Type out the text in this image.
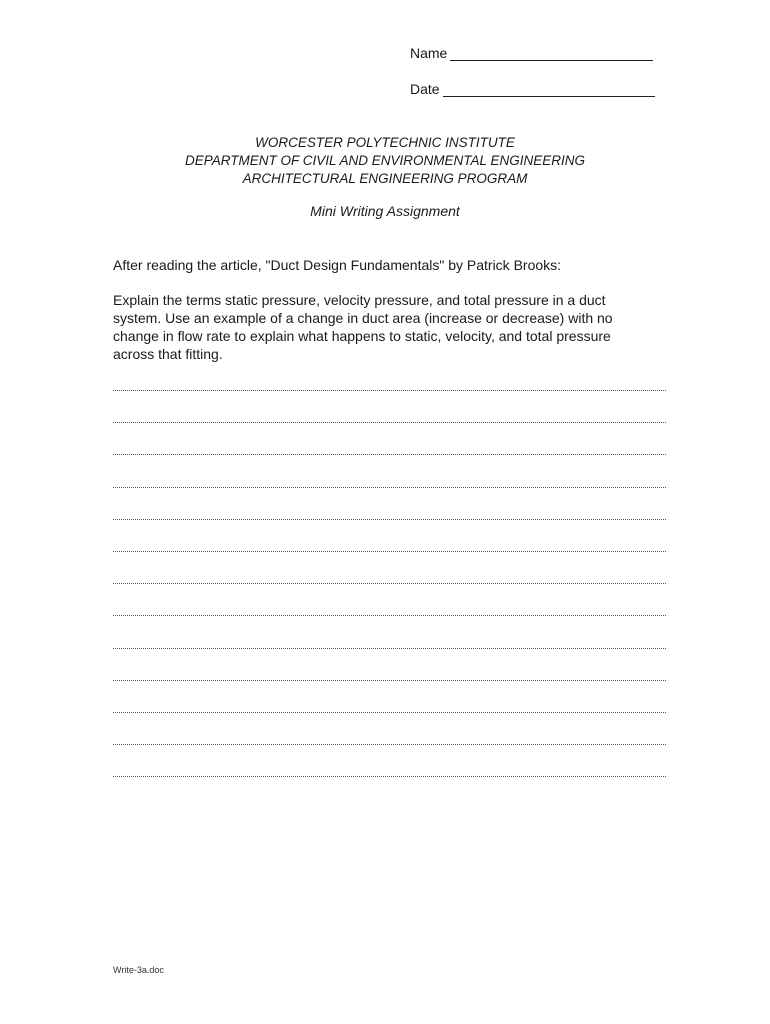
Name
Date
WORCESTER POLYTECHNIC INSTITUTE
DEPARTMENT OF CIVIL AND ENVIRONMENTAL ENGINEERING
ARCHITECTURAL ENGINEERING PROGRAM
Mini Writing Assignment
After reading the article, "Duct Design Fundamentals" by Patrick Brooks:
Explain the terms static pressure, velocity pressure, and total pressure in a duct
system. Use an example of a change in duct area (increase or decrease) with no
change in flow rate to explain what happens to static, velocity, and total pressure
across that fitting.
Write-3a.doc
